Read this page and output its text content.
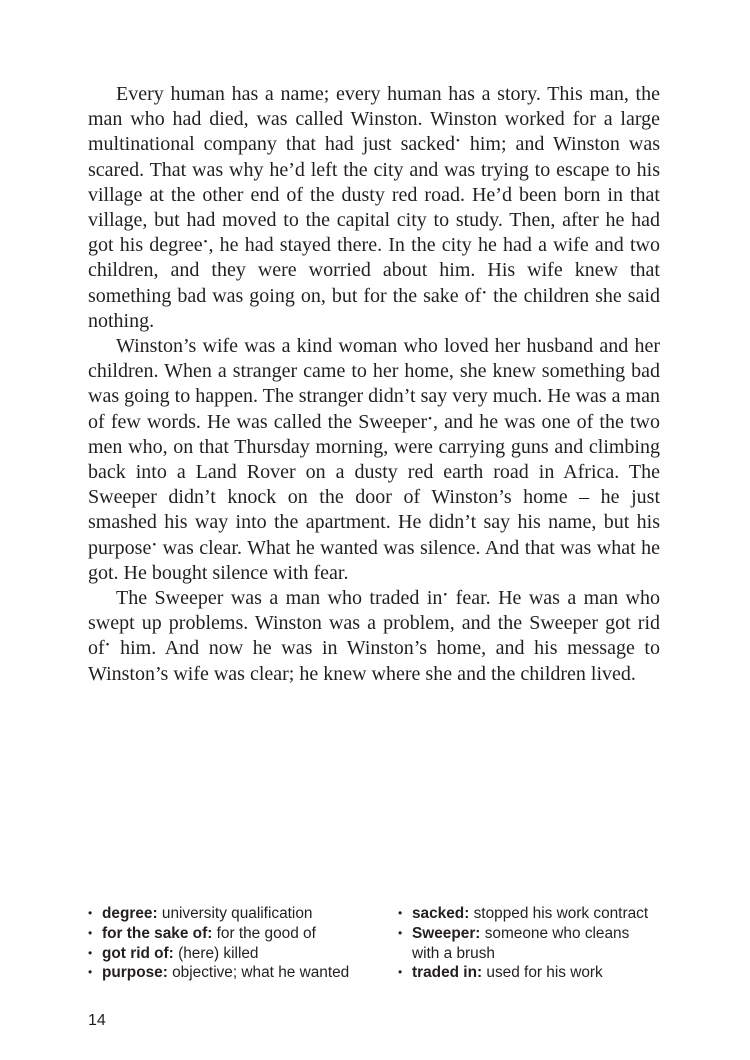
Every human has a name; every human has a story. This man, the man who had died, was called Winston. Winston worked for a large multinational company that had just sacked• him; and Winston was scared. That was why he’d left the city and was trying to escape to his village at the other end of the dusty red road. He’d been born in that village, but had moved to the capital city to study. Then, after he had got his degree•, he had stayed there. In the city he had a wife and two children, and they were worried about him. His wife knew that something bad was going on, but for the sake of• the children she said nothing.

Winston’s wife was a kind woman who loved her husband and her children. When a stranger came to her home, she knew something bad was going to happen. The stranger didn’t say very much. He was a man of few words. He was called the Sweeper•, and he was one of the two men who, on that Thursday morning, were carrying guns and climbing back into a Land Rover on a dusty red earth road in Africa. The Sweeper didn’t knock on the door of Winston’s home – he just smashed his way into the apartment. He didn’t say his name, but his purpose• was clear. What he wanted was silence. And that was what he got. He bought silence with fear.

The Sweeper was a man who traded in• fear. He was a man who swept up problems. Winston was a problem, and the Sweeper got rid of• him. And now he was in Winston’s home, and his message to Winston’s wife was clear; he knew where she and the children lived.

• degree: university qualification
• for the sake of: for the good of
• got rid of: (here) killed
• purpose: objective; what he wanted
• sacked: stopped his work contract
• Sweeper: someone who cleans with a brush
• traded in: used for his work
14
